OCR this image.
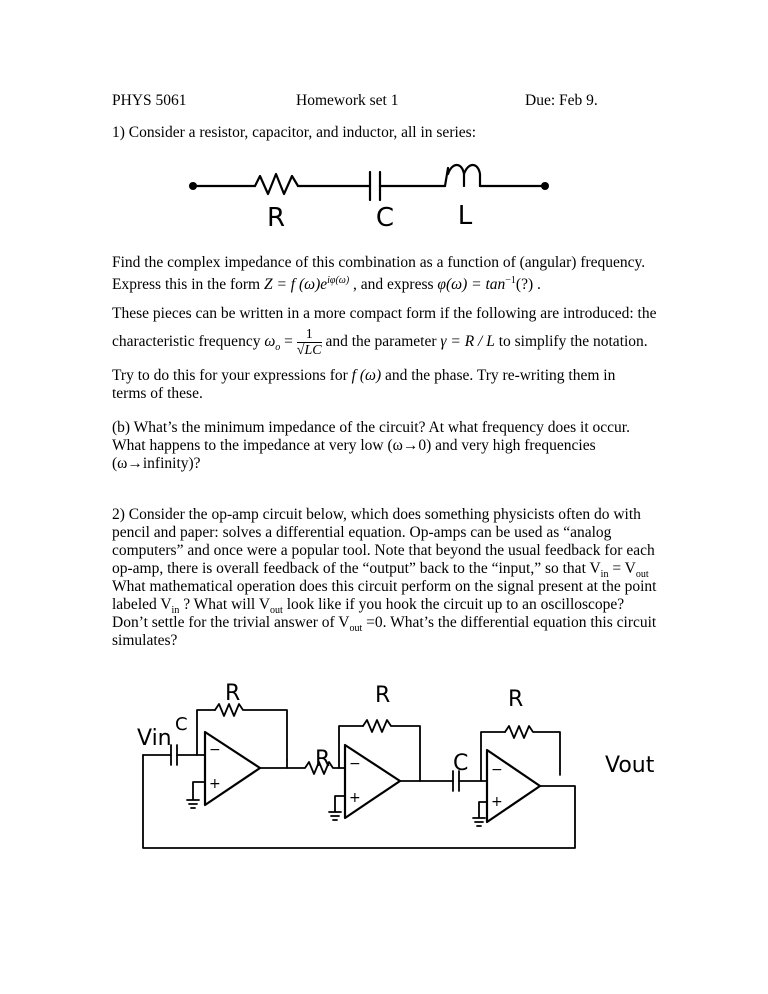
PHYS 5061	Homework set 1	Due: Feb 9.
1) Consider a resistor, capacitor, and inductor, all in series:
R	C L
Find the complex impedance of this combination as a function of (angular) frequency.
Express this in the form Z = f $(\omega)e^{i\varphi(\omega)}$ , and express $\varphi(\omega) = \tan^{-1}(?)$ .
These pieces can be written in a more compact form if the following are introduced: the
characteristic frequency $\omega_o = \frac{1}{√LC}$ and the parameter γ = R / L to simplify the notation.
Try to do this for your expressions for f (ω) and the phase. Try re-writing them in
terms of these.
(b) What’s the minimum impedance of the circuit? At what frequency does it occur.
What happens to the impedance at very low (ω→0) and very high frequencies
(ω→infinity)?
2) Consider the op-amp circuit below, which does something physicists often do with
pencil and paper: solves a differential equation. Op-amps can be used as “analog
computers” and once were a popular tool. Note that beyond the usual feedback for each
op-amp, there is overall feedback of the “output” back to the “input,” so that $V_{in} = V_{out}$
What mathematical operation does this circuit perform on the signal present at the point
labeled $V_{in}$ ? What will $V_{out}$ look like if you hook the circuit up to an oscilloscope?
Don’t settle for the trivial answer of $V_{out} =0$. What’s the differential equation this circuit
simulates?
Vin
C
R
R
R
C
R
Vout
−
+
−
+
−
+
